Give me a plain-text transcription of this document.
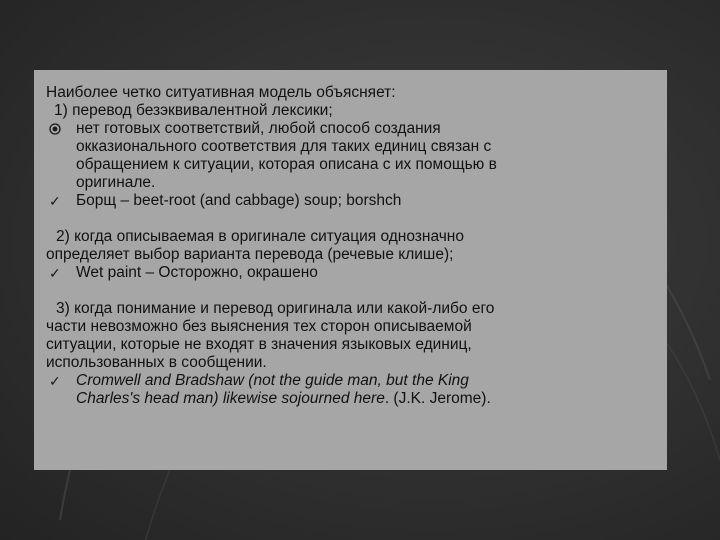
Наиболее четко ситуативная модель объясняет:
1) перевод безэквивалентной лексики;
нет готовых соответствий, любой способ создания
окказионального соответствия для таких единиц связан с
обращением к ситуации, которая описана с их помощью в
оригинале.
✓ Борщ – beet-root (and cabbage) soup; borshch
2) когда описываемая в оригинале ситуация однозначно
определяет выбор варианта перевода (речевые клише);
✓ Wet paint – Осторожно, окрашено
3) когда понимание и перевод оригинала или какой-либо его
части невозможно без выяснения тех сторон описываемой
ситуации, которые не входят в значения языковых единиц,
использованных в сообщении.
✓ Cromwell and Bradshaw (not the guide man, but the King
Charles's head man) likewise sojourned here. (J.K. Jerome).
